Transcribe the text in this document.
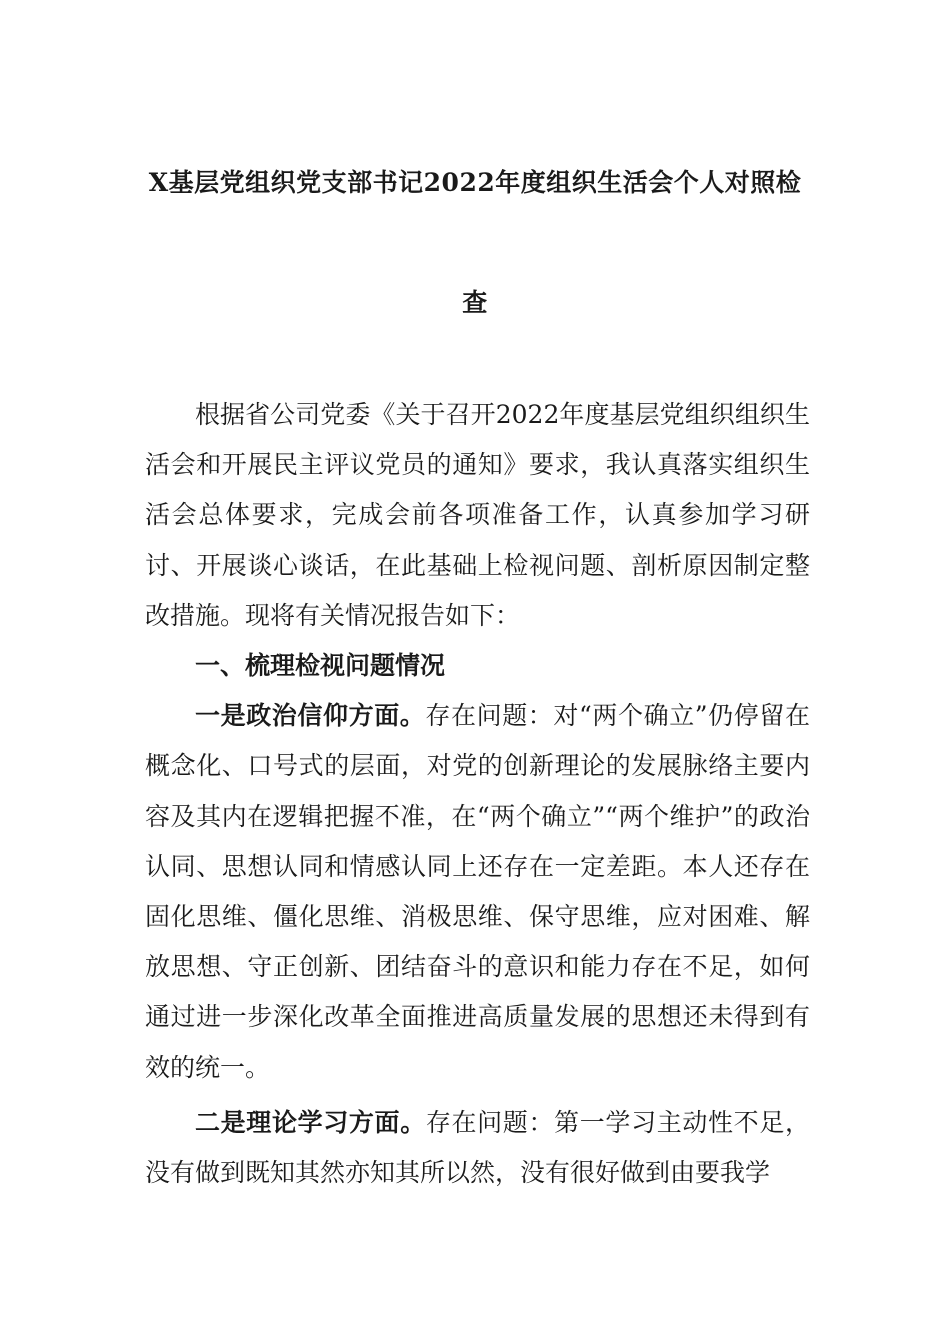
X基层党组织党支部书记2022年度组织生活会个人对照检
查

根据省公司党委《关于召开2022年度基层党组织组织生活会和开展民主评议党员的通知》要求，我认真落实组织生活会总体要求，完成会前各项准备工作，认真参加学习研讨、开展谈心谈话，在此基础上检视问题、剖析原因制定整改措施。现将有关情况报告如下：

一、梳理检视问题情况

一是政治信仰方面。存在问题：对“两个确立”仍停留在概念化、口号式的层面，对党的创新理论的发展脉络主要内容及其内在逻辑把握不准，在“两个确立”“两个维护”的政治认同、思想认同和情感认同上还存在一定差距。本人还存在固化思维、僵化思维、消极思维、保守思维，应对困难、解放思想、守正创新、团结奋斗的意识和能力存在不足，如何通过进一步深化改革全面推进高质量发展的思想还未得到有效的统一。

二是理论学习方面。存在问题：第一学习主动性不足，没有做到既知其然亦知其所以然，没有很好做到由要我学
